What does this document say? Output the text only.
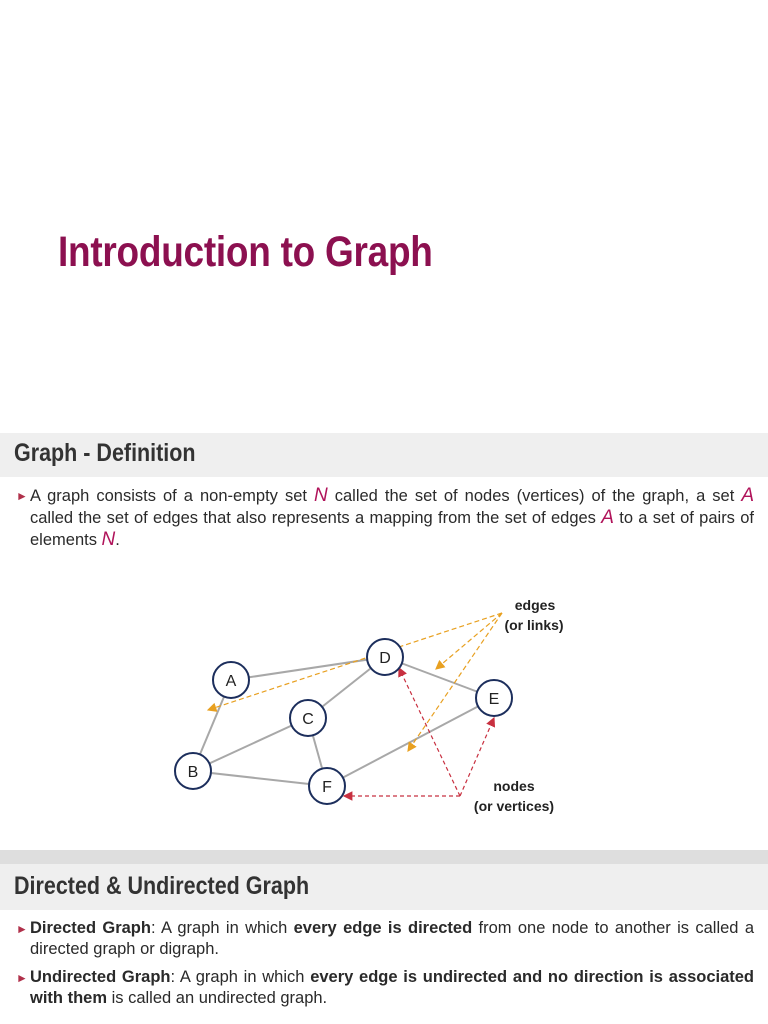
Introduction to Graph
Graph - Definition
► A graph consists of a non-empty set N called the set of nodes (vertices) of the graph, a set A called the set of edges that also represents a mapping from the set of edges A to a set of pairs of elements N.
A
B
C
D
E
F
edges
(or links)
nodes
(or vertices)
Directed & Undirected Graph
► Directed Graph: A graph in which every edge is directed from one node to another is called a directed graph or digraph.
► Undirected Graph: A graph in which every edge is undirected and no direction is associated with them is called an undirected graph.
